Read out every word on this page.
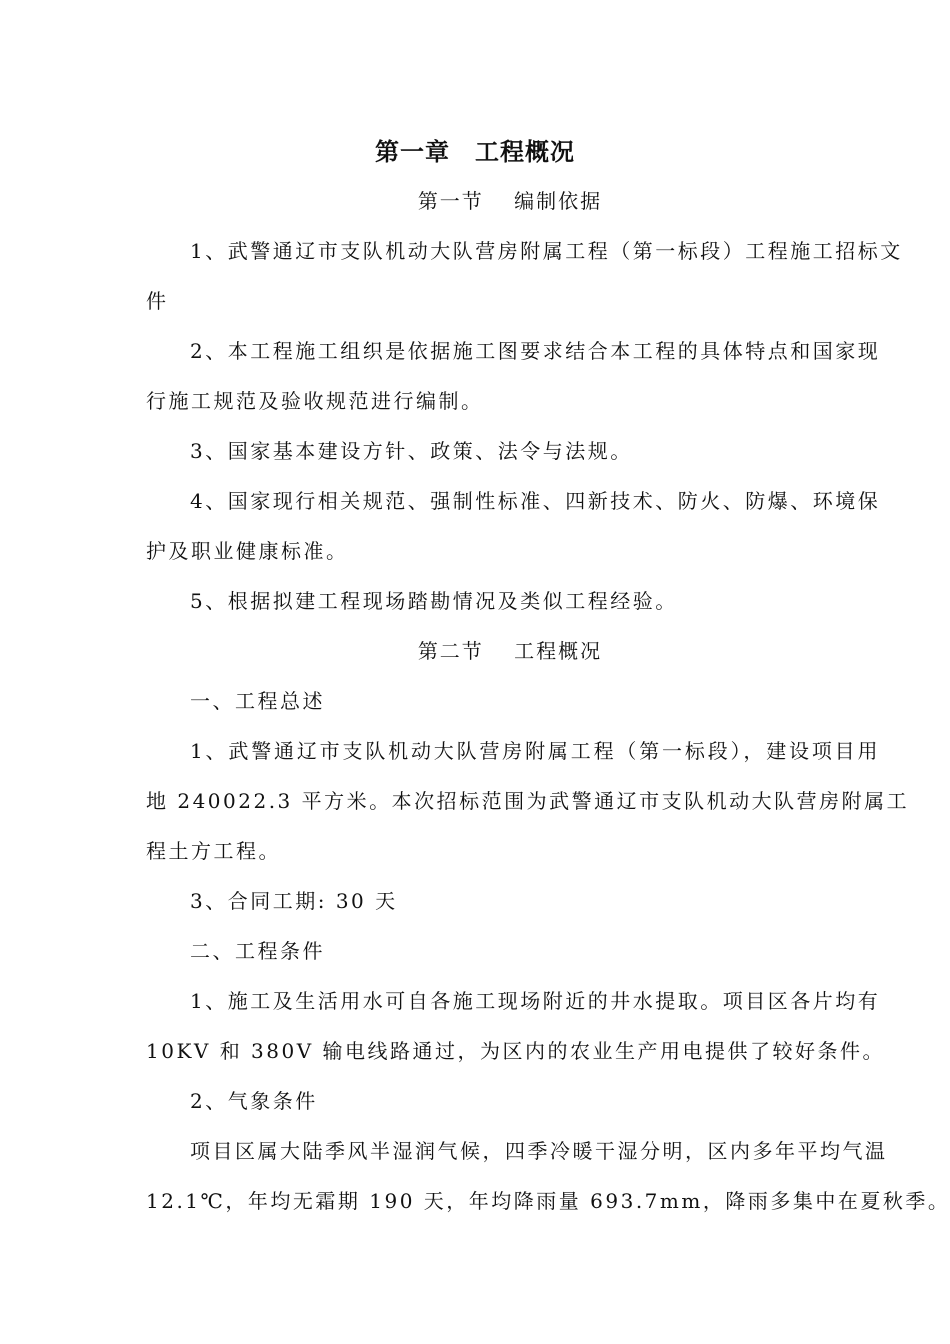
第一章　工程概况
第一节　 编制依据
1、武警通辽市支队机动大队营房附属工程（第一标段）工程施工招标文
件
2、本工程施工组织是依据施工图要求结合本工程的具体特点和国家现
行施工规范及验收规范进行编制。
3、国家基本建设方针、政策、法令与法规。
4、国家现行相关规范、强制性标准、四新技术、防火、防爆、环境保
护及职业健康标准。
5、根据拟建工程现场踏勘情况及类似工程经验。
第二节　 工程概况
一、工程总述
1、武警通辽市支队机动大队营房附属工程（第一标段），建设项目用
地 240022.3 平方米。本次招标范围为武警通辽市支队机动大队营房附属工
程土方工程。
3、合同工期: 30 天
二、工程条件
1、施工及生活用水可自各施工现场附近的井水提取。项目区各片均有
10KV 和 380V 输电线路通过，为区内的农业生产用电提供了较好条件。
2、气象条件
项目区属大陆季风半湿润气候，四季冷暖干湿分明，区内多年平均气温
12.1℃，年均无霜期 190 天，年均降雨量 693.7mm，降雨多集中在夏秋季。
